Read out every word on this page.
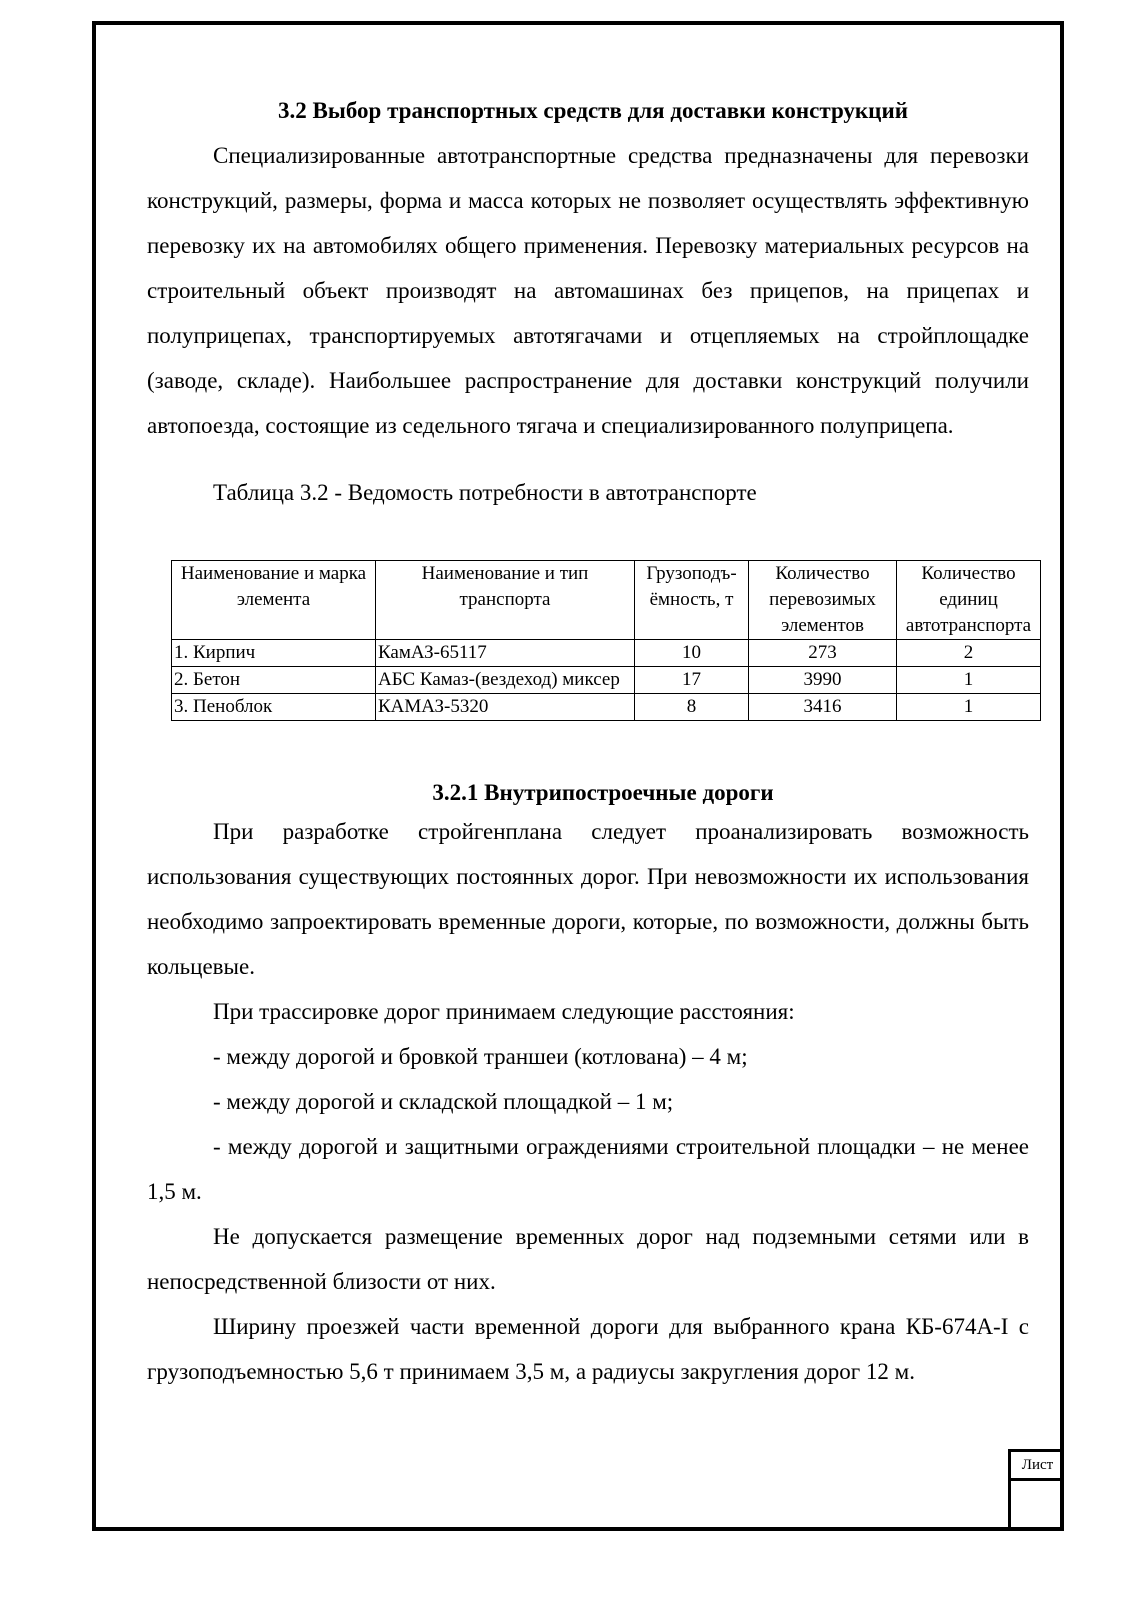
3.2 Выбор транспортных средств для доставки конструкций

Специализированные автотранспортные средства предназначены для перевозки конструкций, размеры, форма и масса которых не позволяет осуществлять эффективную перевозку их на автомобилях общего применения. Перевозку материальных ресурсов на строительный объект производят на автомашинах без прицепов, на прицепах и полуприцепах, транспортируемых автотягачами и отцепляемых на стройплощадке (заводе, складе). Наибольшее распространение для доставки конструкций получили автопоезда, состоящие из седельного тягача и специализированного полуприцепа.

Таблица 3.2 - Ведомость потребности в автотранспорте

Наименование и марка элемента	Наименование и тип транспорта	Грузоподъ-ёмность, т	Количество перевозимых элементов	Количество единиц автотранспорта
1. Кирпич	КамАЗ-65117	10	273	2
2. Бетон	АБС Камаз-(вездеход) миксер	17	3990	1
3. Пеноблок	КАМАЗ-5320	8	3416	1
3.2.1 Внутрипостроечные дороги

При разработке стройгенплана следует проанализировать возможность использования существующих постоянных дорог. При невозможности их использования необходимо запроектировать временные дороги, которые, по возможности, должны быть кольцевые.

При трассировке дорог принимаем следующие расстояния:

- между дорогой и бровкой траншеи (котлована) – 4 м;

- между дорогой и складской площадкой – 1 м;

- между дорогой и защитными ограждениями строительной площадки – не менее 1,5 м.

Не допускается размещение временных дорог над подземными сетями или в непосредственной близости от них.

Ширину проезжей части временной дороги для выбранного крана КБ-674А-I с грузоподъемностью 5,6 т принимаем 3,5 м, а радиусы закругления дорог 12 м.

Лист
